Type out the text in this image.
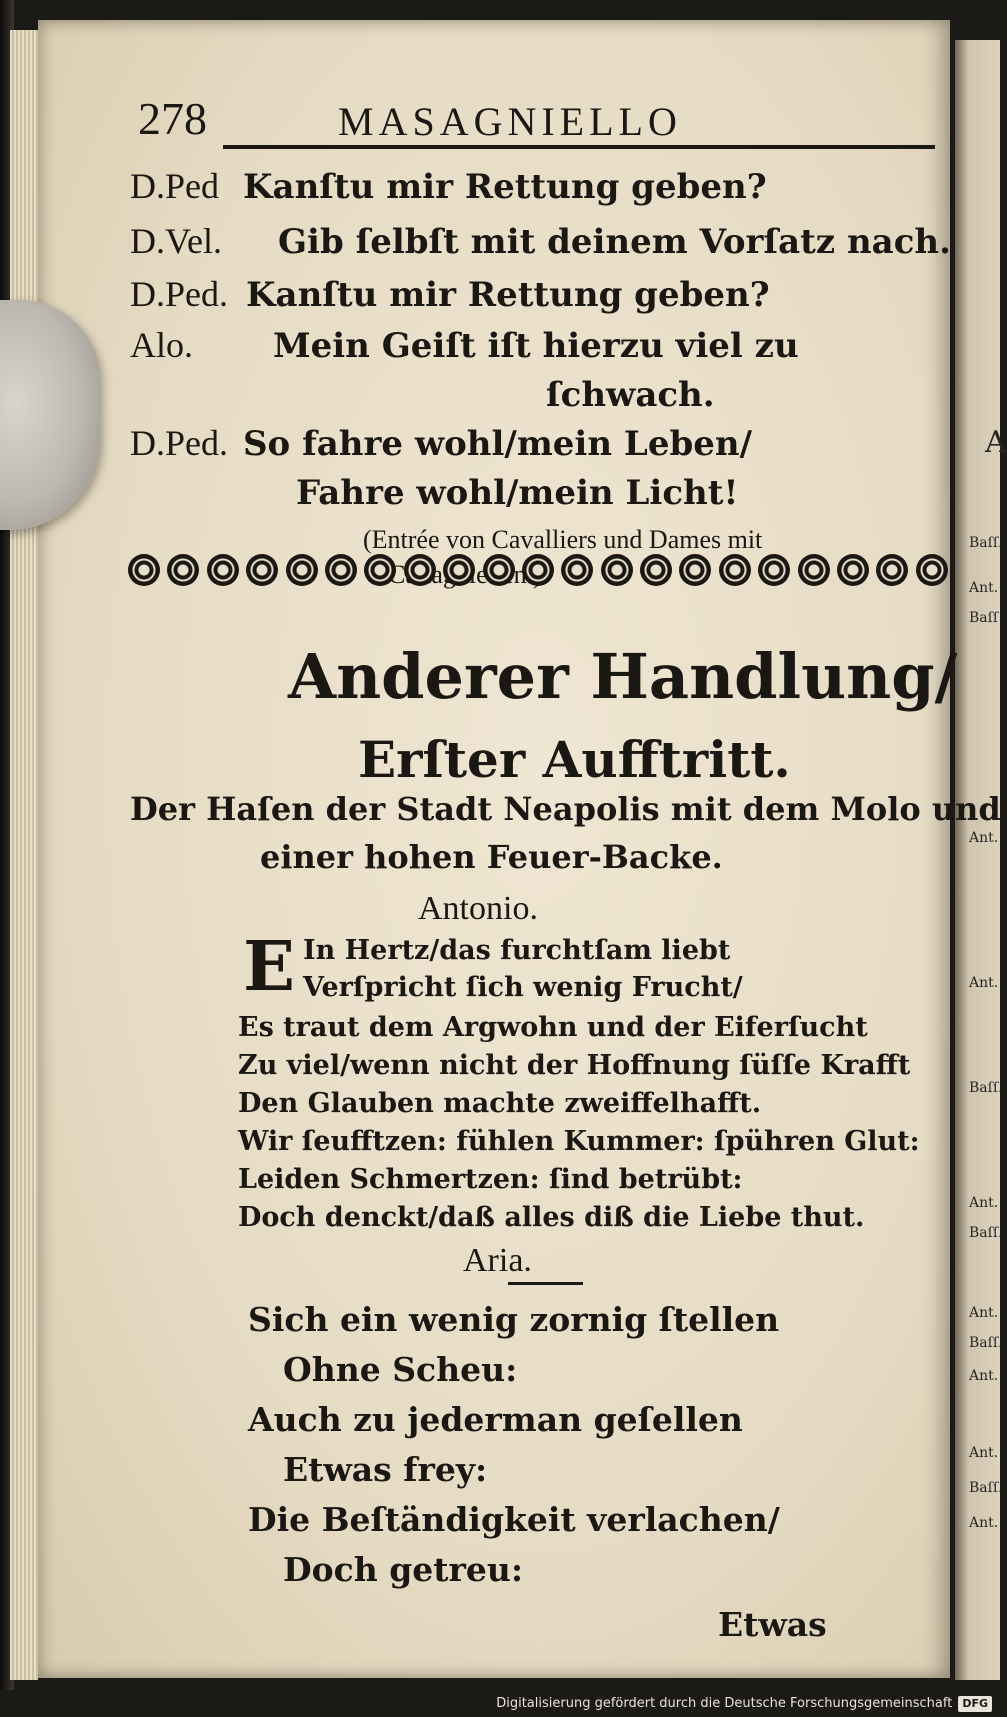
A
Baſſ.
Ant.
Baſſ
Ant.
Ant.
Baſſ.
Ant.
Baſſ.
Ant.
Baſſ.
Ant.
Ant.
Baſſ.
Ant.
278	MASAGNIELLO
D.Ped Kanſtu mir Rettung geben?
D.Vel. Gib ſelbſt mit deinem Vorſatz nach.
D.Ped. Kanſtu mir Rettung geben?
Alo. Mein Geiſt iſt hierzu viel zu
ſchwach.
D.Ped. So fahre wohl/mein Leben/
Fahre wohl/mein Licht!
(Entrée von Cavalliers und Dames mit
Anderer Handlung/
Erſter Aufftritt.
Der Haſen der Stadt Neapolis mit dem Molo und
einer hohen Feuer-Backe.
Antonio.
E In Hertz/das furchtſam liebt
Verſpricht ſich wenig Frucht/
Es traut dem Argwohn und der Eiferſucht
Zu viel/wenn nicht der Hoffnung ſüſſe Krafft
Den Glauben machte zweiffelhafft.
Wir ſeufftzen: fühlen Kummer: ſpühren Glut:
Leiden Schmertzen: ſind betrübt:
Doch denckt/daß alles diß die Liebe thut.
Aria.
Sich ein wenig zornig ſtellen
Ohne Scheu:
Auch zu jederman geſellen
Etwas frey:
Die Beſtändigkeit verlachen/
Doch getreu:
Etwas
Digitalisierung gefördert durch die Deutsche Forschungsgemeinschaft DFG
